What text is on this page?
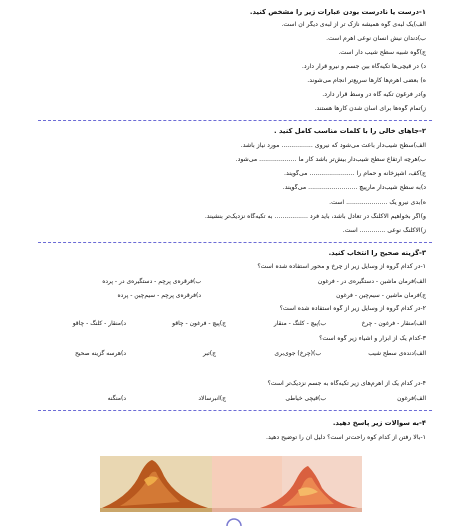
۱-درست یا نادرست بودن عبارات زیر را مشخص کنید.
الف)یک لبه‌ی گوه همیشه نازک تر از لبه‌ی دیگر آن است.
ب)دندان نیش انسان نوعی اهرم است.
ج)گوه شبیه سطح شیب دار است.
د) در قیچی‌ها تکیه‌گاه بین جسم و نیرو قرار دارد.
ه) بعضی اهرم‌ها کارها سریع‌تر انجام می‌شوند.
و)در فرغون تکیه گاه در وسط قرار دارد.
ز)تمام گوه‌ها برای آسان شدن کارها هستند.
۲-جاهای خالی را با کلمات مناسب کامل کنید .
الف)سطح شیب‌دار باعث می‌شود که نیروی ................ مورد نیاز باشد.
ب)هرچه ارتفاع سطح شیب‌دار بیش‌تر باشد کار ما ................... می‌شود.
ج)کف، آشپزخانه و حمام را ....................... می‌گویند.
د)به سطح شیب‌دار مارپیچ ......................... می‌گویند.
ه)بدی نیرو یک ..................... است.
و)اگر بخواهیم الاکلنگ در تعادل باشد، باید فرد ................. به تکیه‌گاه نزدیک‌تر بنشیند.
ز)الاکلنگ نوعی ............. است.
۳-گزینه صحیح را انتخاب کنید.
۱-در کدام گروه از وسایل زیر از چرخ و محور استفاده شده است؟
الف)فرمان ماشین - دستگیره‌ی در - فرغون
ب)فرقره‌ی پرچم - دستگیره‌ی در - پرده
ج)فرمان ماشین - سیم‌چین - فرغون
د)فرقره‌ی پرچم - سیم‌چین - پرده
۲-در کدام گروه از وسایل زیر از گوه استفاده شده است؟
الف)منقار - فرغون - چرخ
ب)پیچ - کلنگ - منقار
ج)پیچ - فرغون - چاقو
د)منقار - کلنگ - چاقو
۳-کدام یک از ابزار و اشیاء زیر گوه است؟
الف)دنده‌ی سطح شیب
ب)(چرخ) جوی‌بری
ج)تبر
د)هرسه گزینه صحیح
۴-در کدام یک از اهرم‌های زیر تکیه‌گاه به جسم نزدیک‌تر است؟
الف)فرغون
ب)قیچی خیاطی
ج)انبرسالاد
د)منگنه
۴-به سوالات زیر پاسخ دهید.
۱-بالا رفتن از کدام کوه راحت‌تر است؟ دلیل آن را توضیح دهید.
